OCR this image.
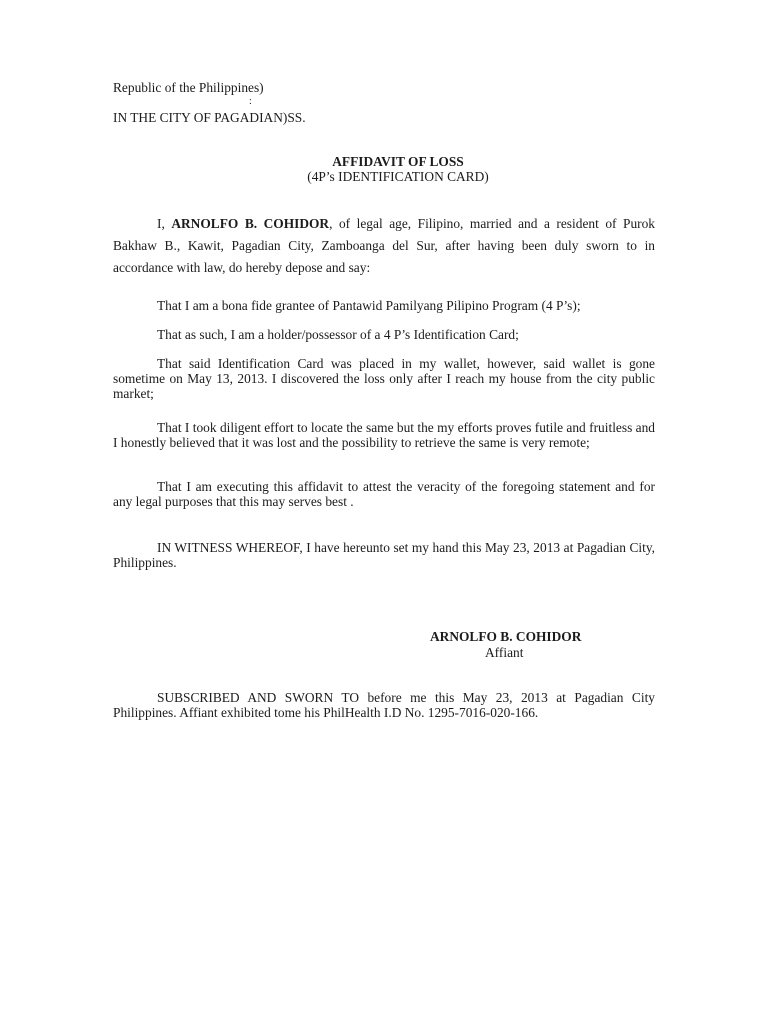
Republic of the Philippines)
:
IN THE CITY OF PAGADIAN)SS.
AFFIDAVIT OF LOSS
(4P’s IDENTIFICATION CARD)

I, ARNOLFO B. COHIDOR, of legal age, Filipino, married and a resident of Purok Bakhaw B., Kawit, Pagadian City, Zamboanga del Sur, after having been duly sworn to in accordance with law, do hereby depose and say:

That I am a bona fide grantee of Pantawid Pamilyang Pilipino Program (4 P’s);

That as such, I am a holder/possessor of a 4 P’s Identification Card;

That said Identification Card was placed in my wallet, however, said wallet is gone sometime on May 13, 2013. I discovered the loss only after I reach my house from the city public market;

That I took diligent effort to locate the same but the my efforts proves futile and fruitless and I honestly believed that it was lost and the possibility to retrieve the same is very remote;

That I am executing this affidavit to attest the veracity of the foregoing statement and for any legal purposes that this may serves best .

IN WITNESS WHEREOF, I have hereunto set my hand this May 23, 2013 at Pagadian City, Philippines.

ARNOLFO B. COHIDOR
Affiant

SUBSCRIBED AND SWORN TO before me this May 23, 2013 at Pagadian City Philippines. Affiant exhibited tome his PhilHealth I.D No. 1295-7016-020-166.
